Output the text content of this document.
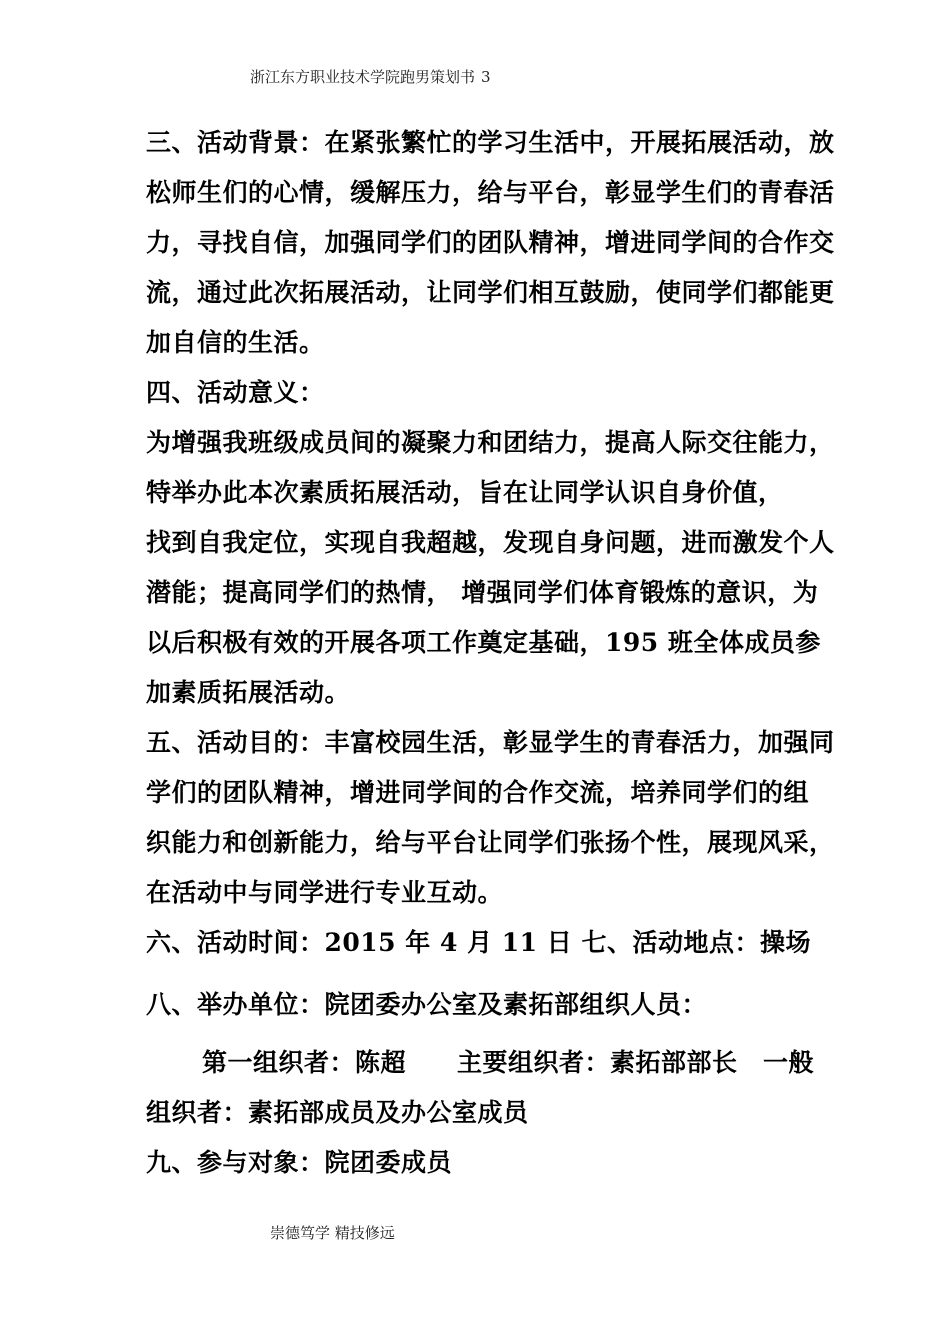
浙江东方职业技术学院跑男策划书 3
三、活动背景：在紧张繁忙的学习生活中，开展拓展活动，放
松师生们的心情，缓解压力，给与平台，彰显学生们的青春活
力，寻找自信，加强同学们的团队精神，增进同学间的合作交
流，通过此次拓展活动，让同学们相互鼓励，使同学们都能更
加自信的生活。
四、活动意义：
为增强我班级成员间的凝聚力和团结力，提高人际交往能力，
特举办此本次素质拓展活动，旨在让同学认识自身价值，
找到自我定位，实现自我超越，发现自身问题，进而激发个人
潜能；提高同学们的热情， 增强同学们体育锻炼的意识，为
以后积极有效的开展各项工作奠定基础，195 班全体成员参
加素质拓展活动。
五、活动目的：丰富校园生活，彰显学生的青春活力，加强同
学们的团队精神，增进同学间的合作交流，培养同学们的组
织能力和创新能力，给与平台让同学们张扬个性，展现风采，
在活动中与同学进行专业互动。
六、活动时间：2015 年 4 月 11 日 七、活动地点：操场
八、举办单位：院团委办公室及素拓部组织人员：
第一组织者：陈超　　主要组织者：素拓部部长　一般
组织者：素拓部成员及办公室成员
九、参与对象：院团委成员
崇德笃学 精技修远
